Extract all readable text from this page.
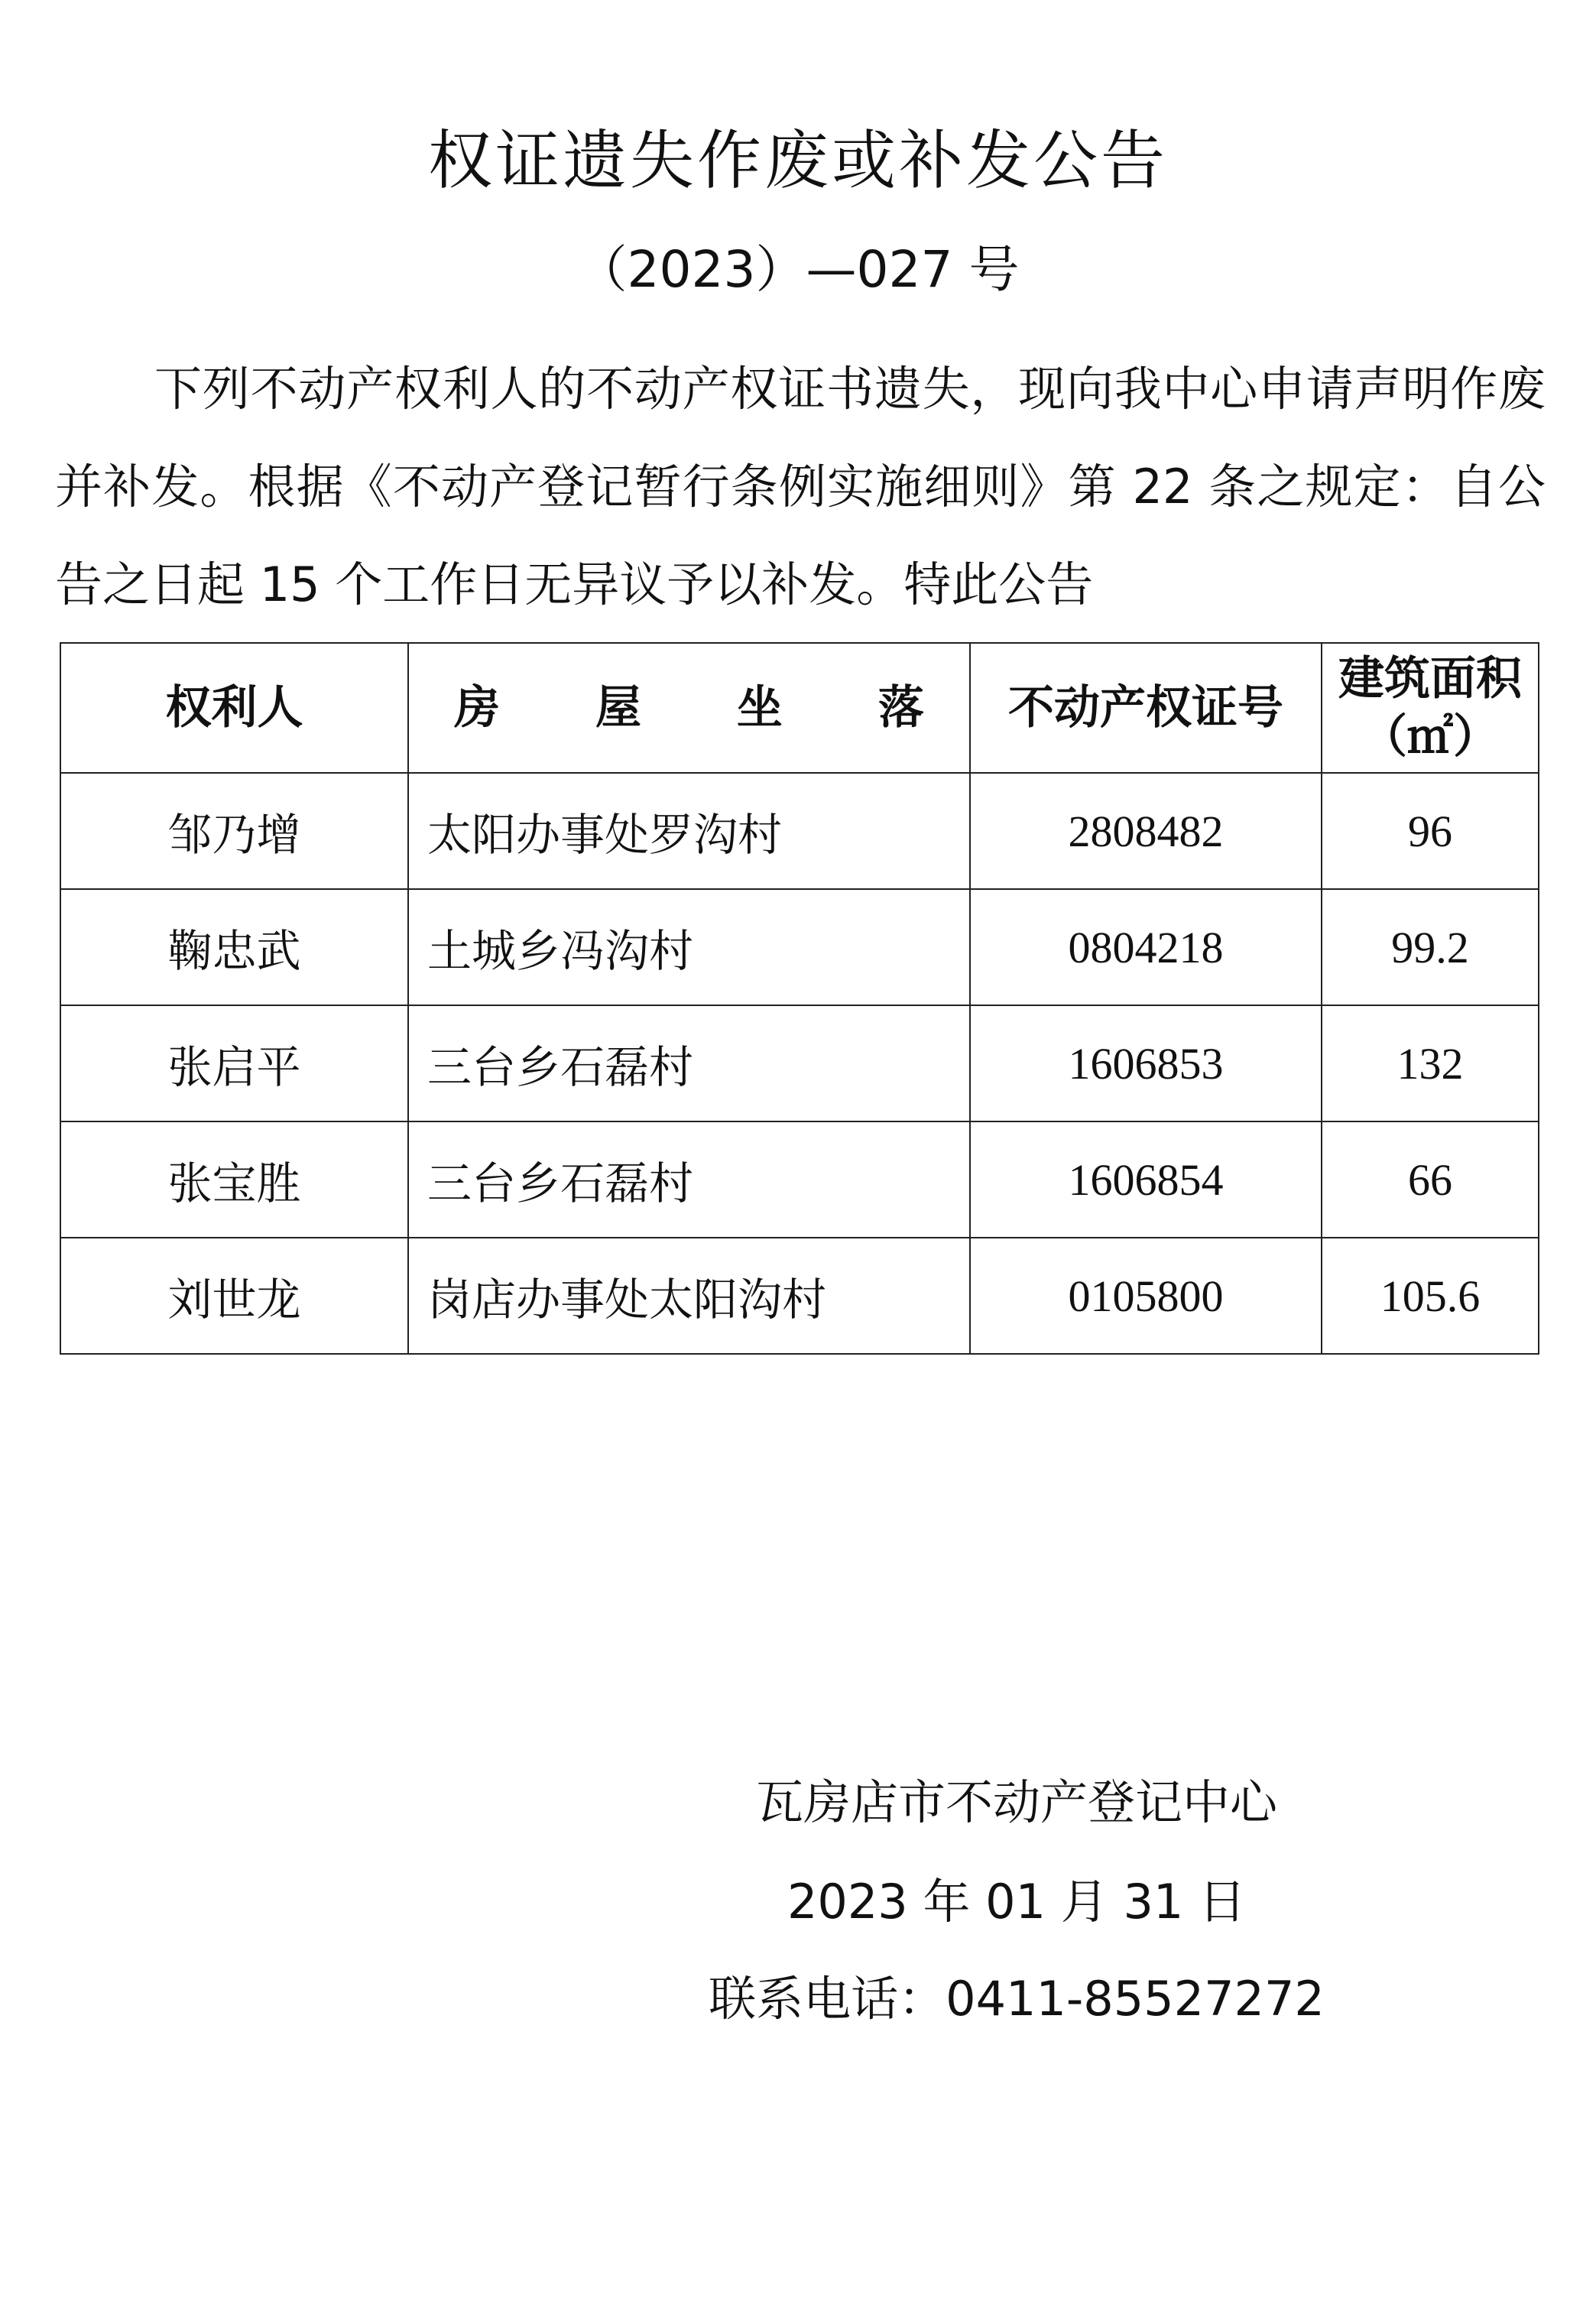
权证遗失作废或补发公告
（2023）—027 号
下列不动产权利人的不动产权证书遗失，现向我中心申请声明作废并补发。根据《不动产登记暂行条例实施细则》第 22 条之规定：自公告之日起 15 个工作日无异议予以补发。特此公告
权利人	房 屋 坐 落	不动产权证号	建筑面积
（㎡）

邹乃增	太阳办事处罗沟村	2808482	96
鞠忠武	土城乡冯沟村	0804218	99.2
张启平	三台乡石磊村	1606853	132
张宝胜	三台乡石磊村	1606854	66
刘世龙	岗店办事处太阳沟村	0105800	105.6
瓦房店市不动产登记中心
2023 年 01 月 31 日
联系电话：0411-85527272
